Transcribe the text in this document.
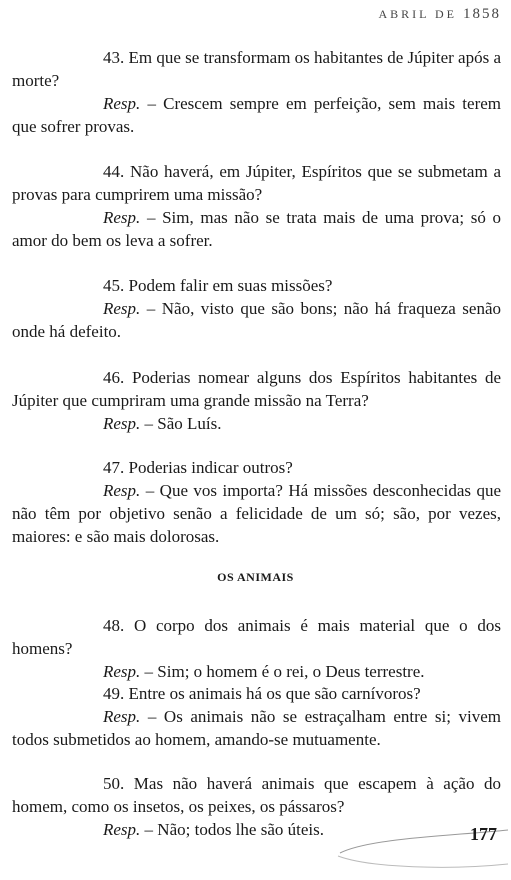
ABRIL DE 1858

43. Em que se transformam os habitantes de Júpiter após a morte?

Resp. – Crescem sempre em perfeição, sem mais terem que sofrer provas.

44. Não haverá, em Júpiter, Espíritos que se submetam a provas para cumprirem uma missão?

Resp. – Sim, mas não se trata mais de uma prova; só o amor do bem os leva a sofrer.

45. Podem falir em suas missões?

Resp. – Não, visto que são bons; não há fraqueza senão onde há defeito.

46. Poderias nomear alguns dos Espíritos habitantes de Júpiter que cumpriram uma grande missão na Terra?

Resp. – São Luís.

47. Poderias indicar outros?

Resp. – Que vos importa? Há missões desconhecidas que não têm por objetivo senão a felicidade de um só; são, por vezes, maiores: e são mais dolorosas.

OS ANIMAIS

48. O corpo dos animais é mais material que o dos homens?

Resp. – Sim; o homem é o rei, o Deus terrestre.

49. Entre os animais há os que são carnívoros?

Resp. – Os animais não se estraçalham entre si; vivem todos submetidos ao homem, amando-se mutuamente.

50. Mas não haverá animais que escapem à ação do homem, como os insetos, os peixes, os pássaros?

Resp. – Não; todos lhe são úteis.	177
